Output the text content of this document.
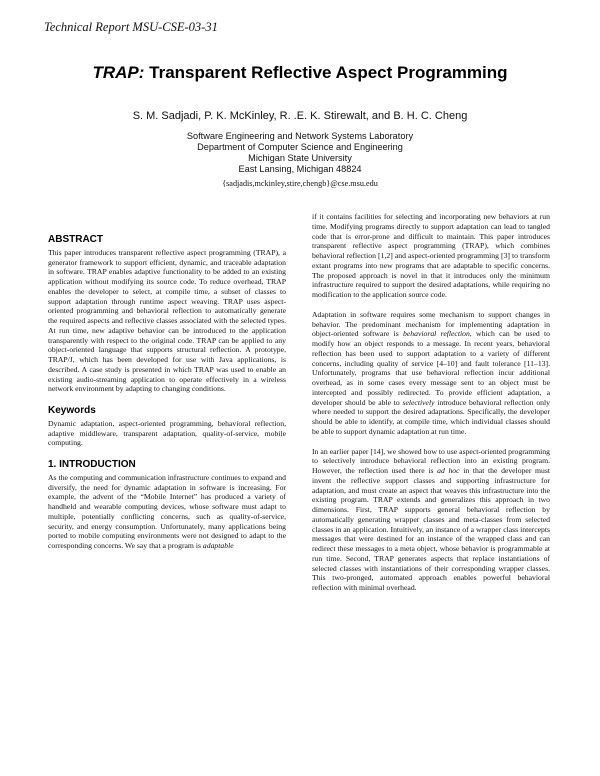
Technical Report MSU-CSE-03-31

TRAP: Transparent Reflective Aspect Programming

S. M. Sadjadi, P. K. McKinley, R. .E. K. Stirewalt, and B. H. C. Cheng

Software Engineering and Network Systems Laboratory
Department of Computer Science and Engineering
Michigan State University
East Lansing, Michigan 48824
{sadjadis,mckinley,stire,chengb}@cse.msu.edu
ABSTRACT

This paper introduces transparent reflective aspect programming (TRAP), a generator framework to support efficient, dynamic, and traceable adaptation in software. TRAP enables adaptive functionality to be added to an existing application without modifying its source code. To reduce overhead, TRAP enables the developer to select, at compile time, a subset of classes to support adaptation through runtime aspect weaving. TRAP uses aspect-oriented programming and behavioral reflection to automatically generate the required aspects and reflective classes associated with the selected types. At run time, new adaptive behavior can be introduced to the application transparently with respect to the original code. TRAP can be applied to any object-oriented language that supports structural reflection. A prototype, TRAP/J, which has been developed for use with Java applications, is described. A case study is presented in which TRAP was used to enable an existing audio-streaming application to operate effectively in a wireless network environment by adapting to changing conditions.

Keywords

Dynamic adaptation, aspect-oriented programming, behavioral reflection, adaptive middleware, transparent adaptation, quality-of-service, mobile computing.

1. INTRODUCTION

As the computing and communication infrastructure continues to expand and diversify, the need for dynamic adaptation in software is increasing. For example, the advent of the “Mobile Internet” has produced a variety of handheld and wearable computing devices, whose software must adapt to multiple, potentially conflicting concerns, such as quality-of-service, security, and energy consumption. Unfortunately, many applications being ported to mobile computing environments were not designed to adapt to the corresponding concerns. We say that a program is adaptable

if it contains facilities for selecting and incorporating new behaviors at run time. Modifying programs directly to support adaptation can lead to tangled code that is error-prone and difficult to maintain. This paper introduces transparent reflective aspect programming (TRAP), which combines behavioral reflection [1,2] and aspect-oriented programming [3] to transform extant programs into new programs that are adaptable to specific concerns. The proposed approach is novel in that it introduces only the minimum infrastructure required to support the desired adaptations, while requiring no modification to the application source code.

Adaptation in software requires some mechanism to support changes in behavior. The predominant mechanism for implementing adaptation in object-oriented software is behavioral reflection, which can be used to modify how an object responds to a message. In recent years, behavioral reflection has been used to support adaptation to a variety of different concerns, including quality of service [4–10] and fault tolerance [11–13]. Unfortunately, programs that use behavioral reflection incur additional overhead, as in some cases every message sent to an object must be intercepted and possibly redirected. To provide efficient adaptation, a developer should be able to selectively introduce behavioral reflection only where needed to support the desired adaptations. Specifically, the developer should be able to identify, at compile time, which individual classes should be able to support dynamic adaptation at run time.

In an earlier paper [14], we showed how to use aspect-oriented programming to selectively introduce behavioral reflection into an existing program. However, the reflection used there is ad hoc in that the developer must invent the reflective support classes and supporting infrastructure for adaptation, and must create an aspect that weaves this infrastructure into the existing program. TRAP extends and generalizes this approach in two dimensions. First, TRAP supports general behavioral reflection by automatically generating wrapper classes and meta-classes from selected classes in an application. Intuitively, an instance of a wrapper class intercepts messages that were destined for an instance of the wrapped class and can redirect these messages to a meta object, whose behavior is programmable at run time. Second, TRAP generates aspects that replace instantiations of selected classes with instantiations of their corresponding wrapper classes. This two-pronged, automated approach enables powerful behavioral reflection with minimal overhead.
